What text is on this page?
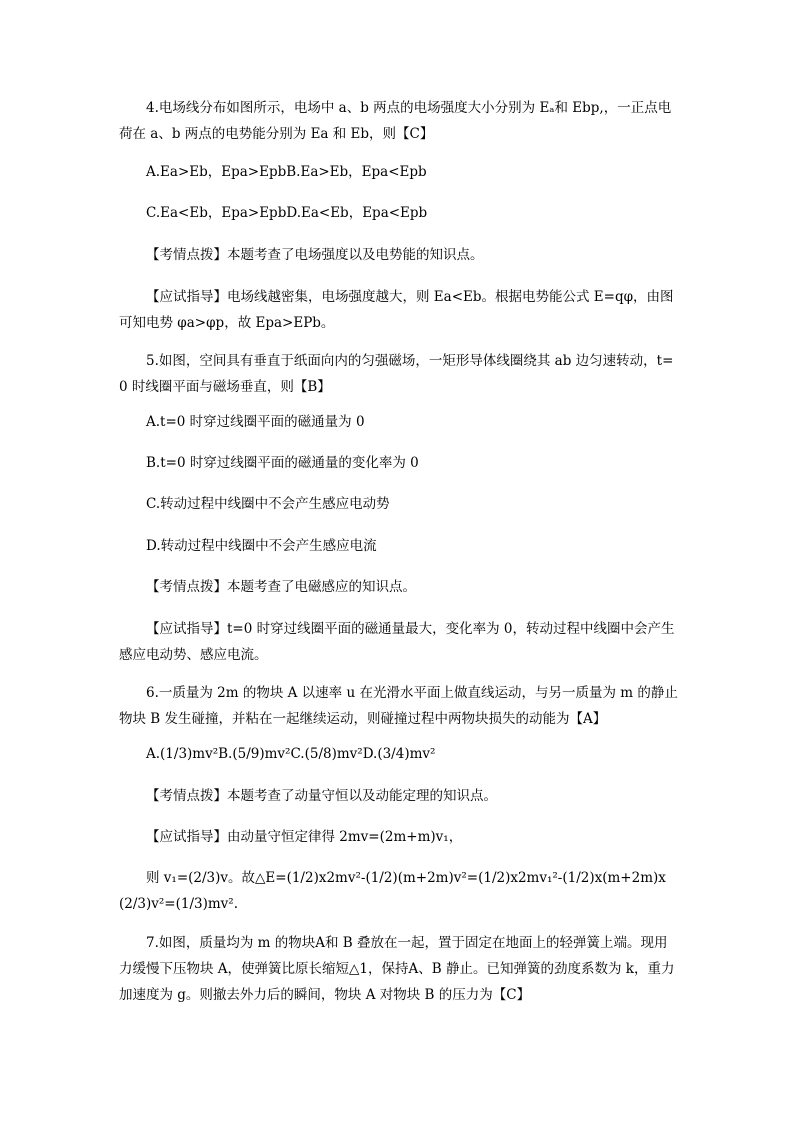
4.电场线分布如图所示，电场中 a、b 两点的电场强度大小分别为 Eₐ和 Ebp,，一正点电荷在 a、b 两点的电势能分别为 Ea 和 Eb，则【C】

A.Ea>Eb，Epa>EpbB.Ea>Eb，Epa<Epb

C.Ea<Eb，Epa>EpbD.Ea<Eb，Epa<Epb

【考情点拨】本题考查了电场强度以及电势能的知识点。

【应试指导】电场线越密集，电场强度越大，则 Ea<Eb。根据电势能公式 E=qφ，由图可知电势 φa>φp，故 Epa>EPb。

5.如图，空间具有垂直于纸面向内的匀强磁场，一矩形导体线圈绕其 ab 边匀速转动，t=0 时线圈平面与磁场垂直，则【B】

A.t=0 时穿过线圈平面的磁通量为 0

B.t=0 时穿过线圈平面的磁通量的变化率为 0

C.转动过程中线圈中不会产生感应电动势

D.转动过程中线圈中不会产生感应电流

【考情点拨】本题考查了电磁感应的知识点。

【应试指导】t=0 时穿过线圈平面的磁通量最大，变化率为 0，转动过程中线圈中会产生感应电动势、感应电流。

6.一质量为 2m 的物块 A 以速率 u 在光滑水平面上做直线运动，与另一质量为 m 的静止物块 B 发生碰撞，并粘在一起继续运动，则碰撞过程中两物块损失的动能为【A】

A.(1/3)mv²B.(5/9)mv²C.(5/8)mv²D.(3/4)mv²

【考情点拨】本题考查了动量守恒以及动能定理的知识点。

【应试指导】由动量守恒定律得 2mv=(2m+m)v₁，

则 v₁=(2/3)v。故△E=(1/2)x2mv²-(1/2)(m+2m)v²=(1/2)x2mv₁²-(1/2)x(m+2m)x(2/3)v²=(1/3)mv².

7.如图，质量均为 m 的物块A和 B 叠放在一起，置于固定在地面上的轻弹簧上端。现用力缓慢下压物块 A，使弹簧比原长缩短△1，保持A、B 静止。已知弹簧的劲度系数为 k，重力加速度为 g。则撤去外力后的瞬间，物块 A 对物块 B 的压力为【C】
